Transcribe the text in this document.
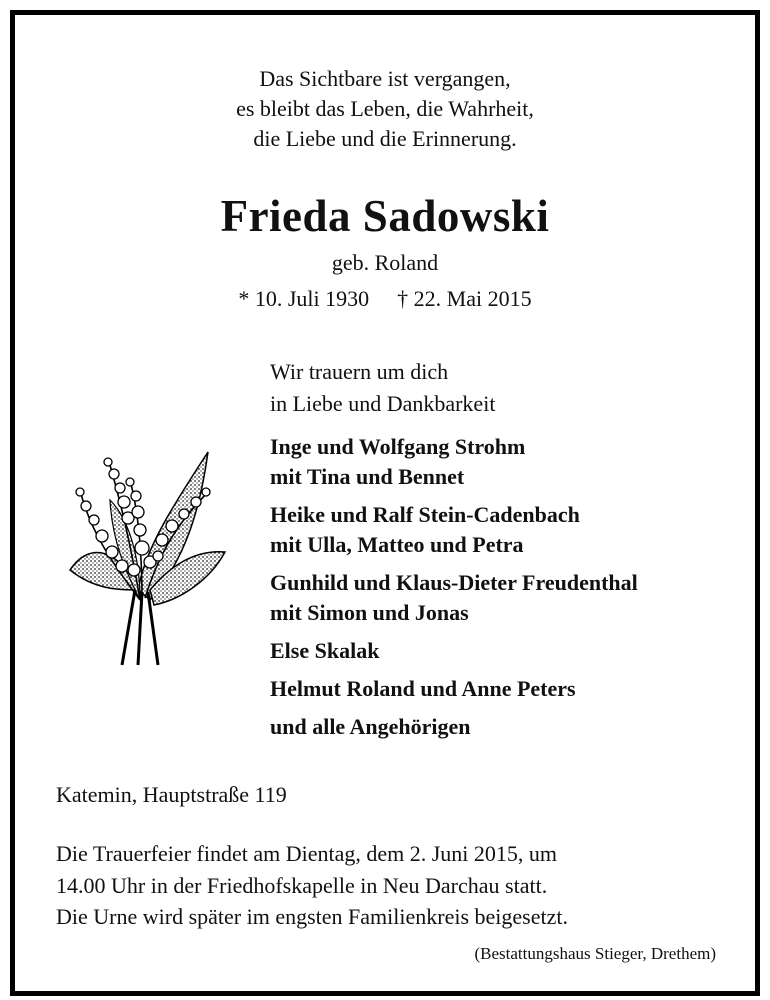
Das Sichtbare ist vergangen,
es bleibt das Leben, die Wahrheit,
die Liebe und die Erinnerung.
Frieda Sadowski
geb. Roland
* 10. Juli 1930 † 22. Mai 2015
Wir trauern um dich
in Liebe und Dankbarkeit
Inge und Wolfgang Strohm
mit Tina und Bennet
Heike und Ralf Stein-Cadenbach
mit Ulla, Matteo und Petra
Gunhild und Klaus-Dieter Freudenthal
mit Simon und Jonas
Else Skalak
Helmut Roland und Anne Peters
und alle Angehörigen
Katemin, Hauptstraße 119
Die Trauerfeier findet am Dientag, dem 2. Juni 2015, um
14.00 Uhr in der Friedhofskapelle in Neu Darchau statt.
Die Urne wird später im engsten Familienkreis beigesetzt.
(Bestattungshaus Stieger, Drethem)
